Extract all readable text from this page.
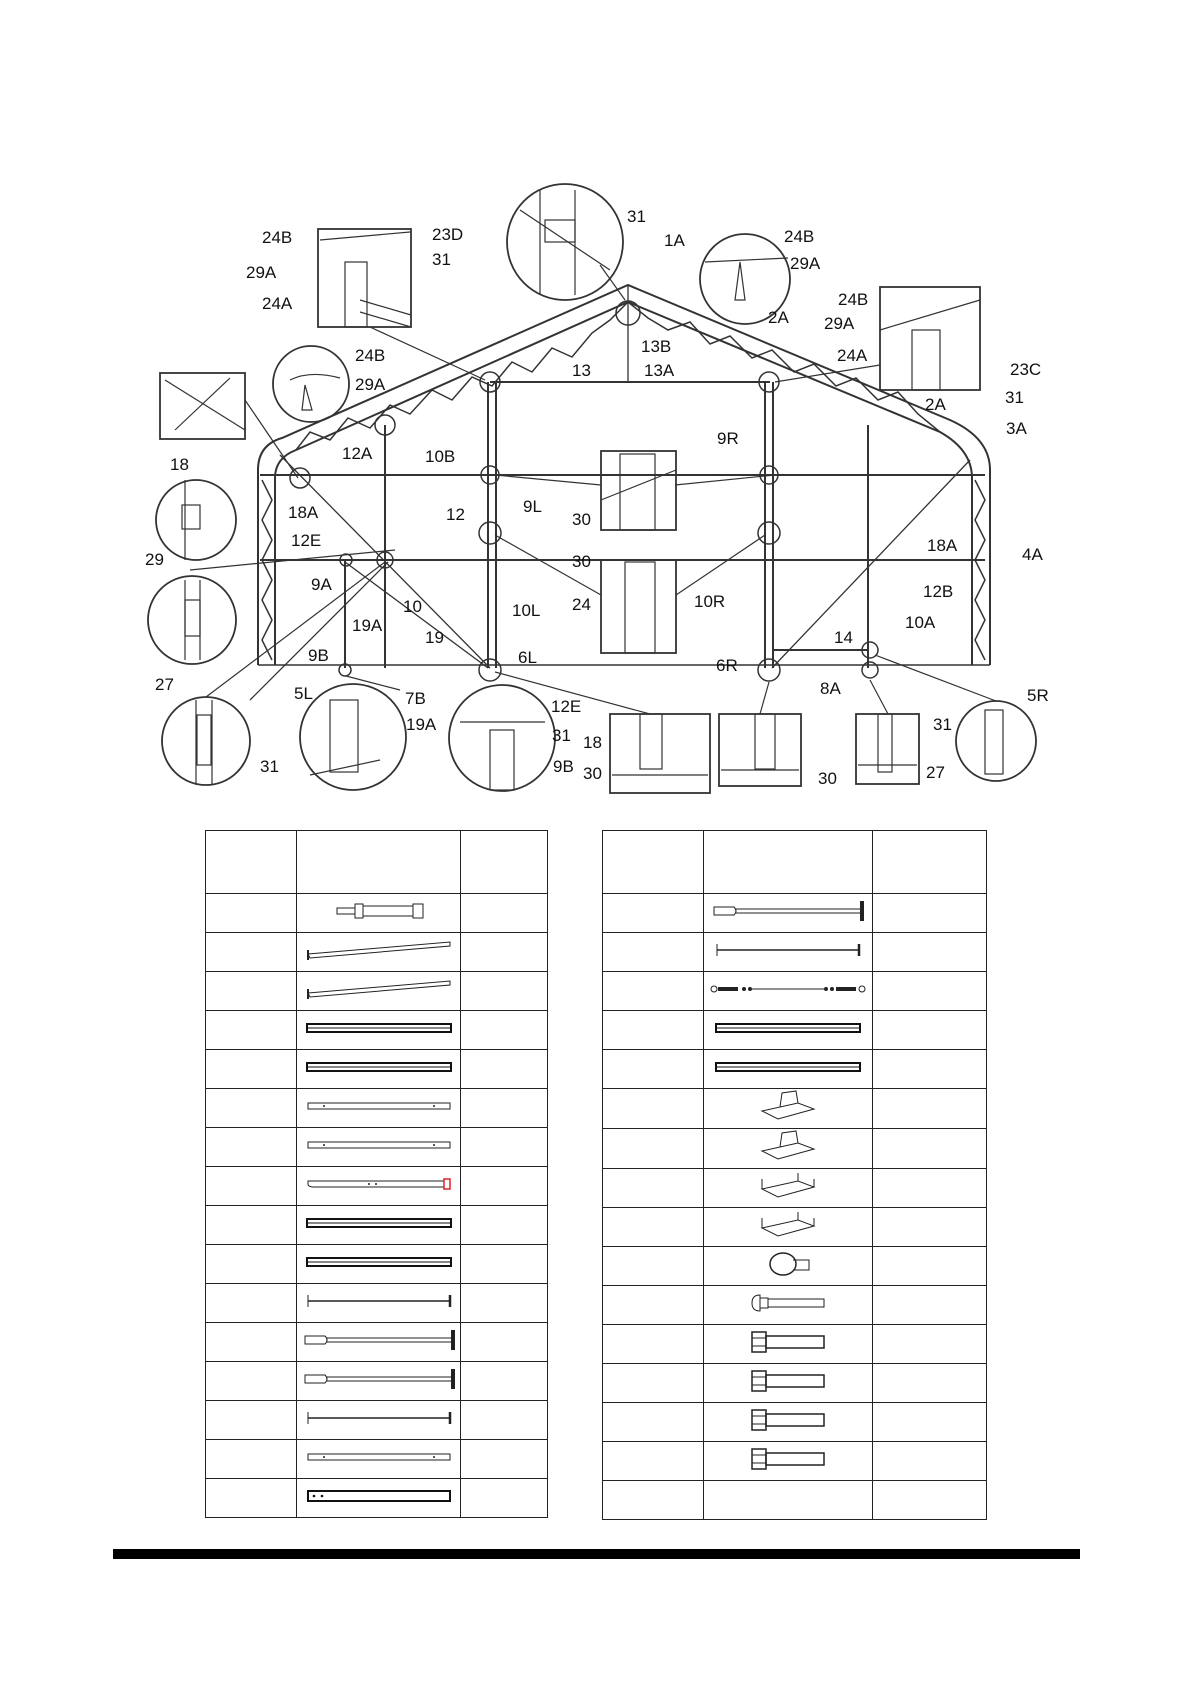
31
1A
24B	23D
31
29A
24A
24B
29A
2A
24B
29A
24A
23C
31
13B
13	13A
24B
29A
2A
3A
18
12A	10B
9R
18A	12	9L
30
29
12E
30
18A
9A
24
12B
4A
10	10L	10R
19A
19
27
9B	6L
14
10A
6R
8A
5L	7B	12E
31
5R
19A
18
31
9B 30	30	27
31
